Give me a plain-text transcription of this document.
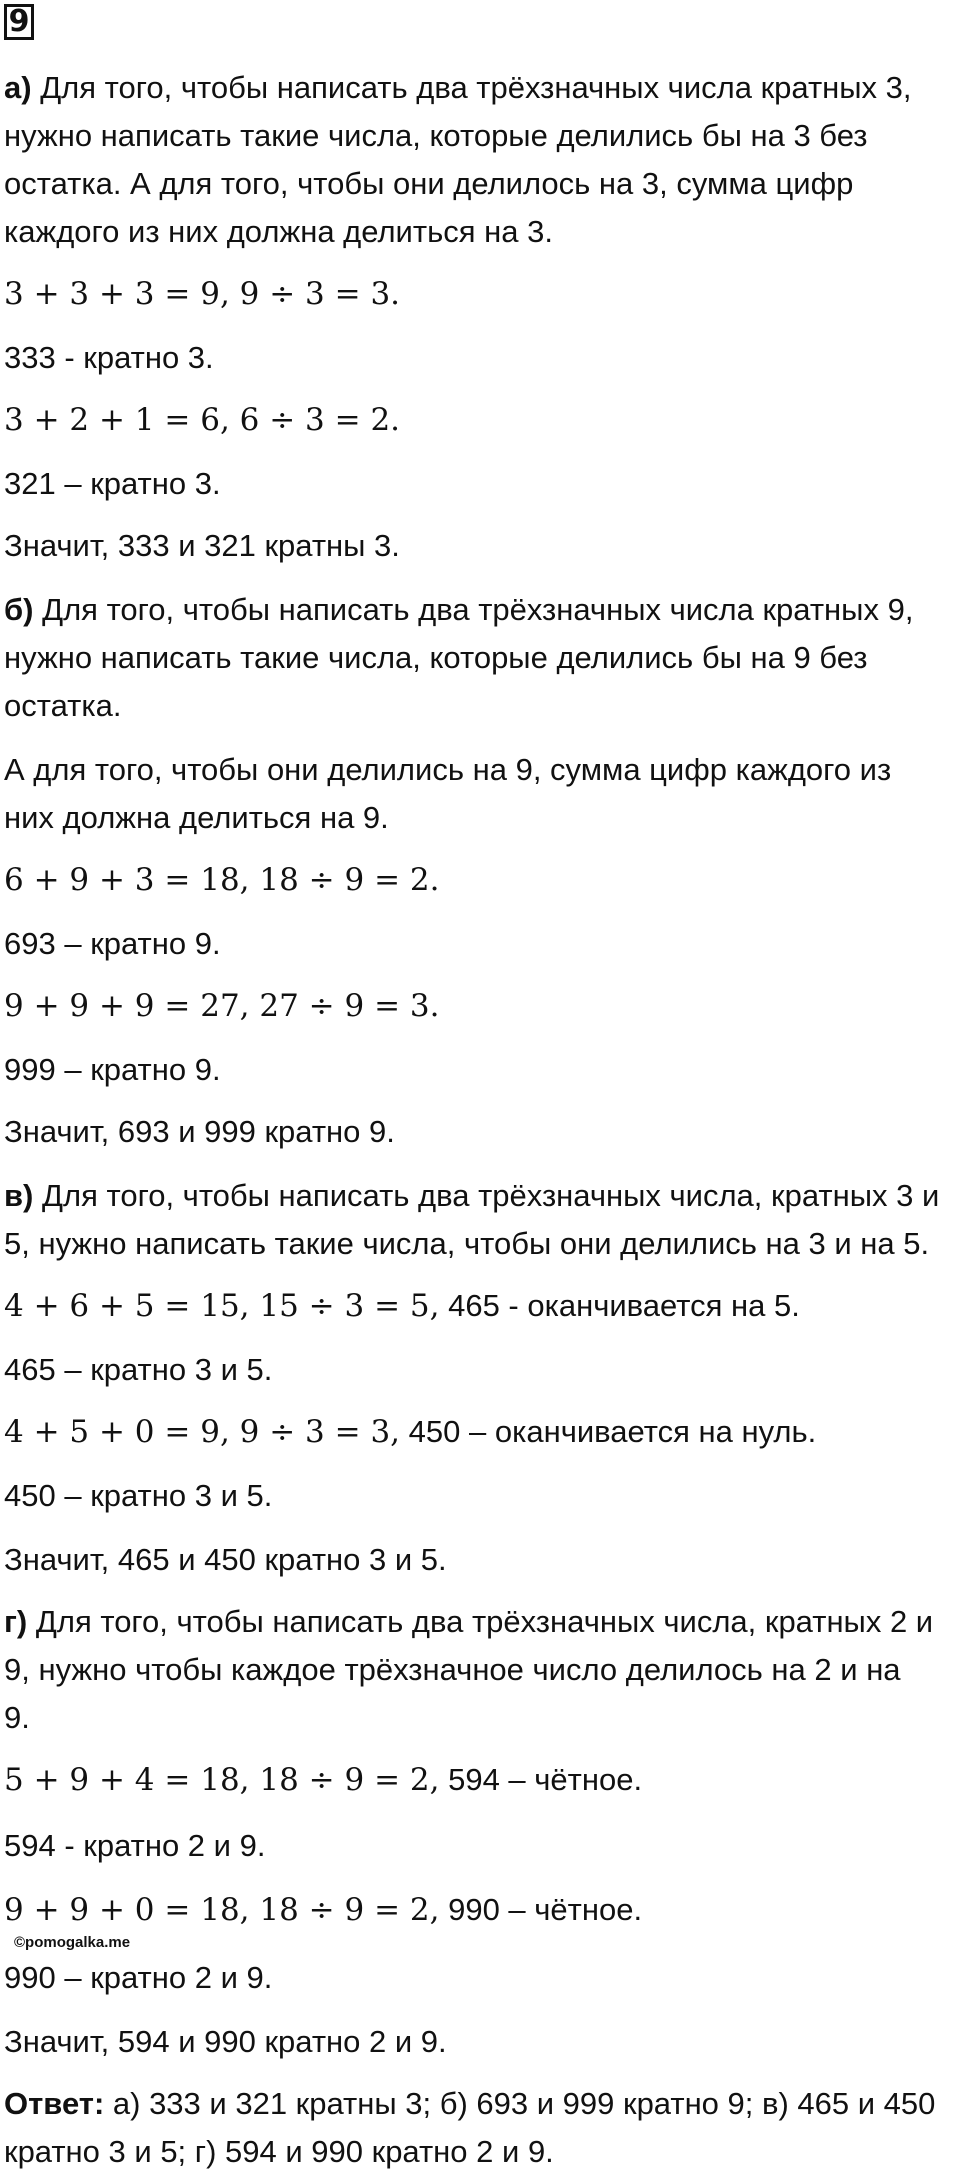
9

а) Для того, чтобы написать два трёхзначных числа кратных 3,

нужно написать такие числа, которые делились бы на 3 без

остатка. А для того, чтобы они делилось на 3, сумма цифр

каждого из них должна делиться на 3.

3 + 3 + 3 = 9, 9 ÷ 3 = 3.

333 - кратно 3.

3 + 2 + 1 = 6, 6 ÷ 3 = 2.

321 – кратно 3.

Значит, 333 и 321 кратны 3.

б) Для того, чтобы написать два трёхзначных числа кратных 9,

нужно написать такие числа, которые делились бы на 9 без

остатка.

А для того, чтобы они делились на 9, сумма цифр каждого из

них должна делиться на 9.

6 + 9 + 3 = 18, 18 ÷ 9 = 2.

693 – кратно 9.

9 + 9 + 9 = 27, 27 ÷ 9 = 3.

999 – кратно 9.

Значит, 693 и 999 кратно 9.

в) Для того, чтобы написать два трёхзначных числа, кратных 3 и

5, нужно написать такие числа, чтобы они делились на 3 и на 5.

4 + 6 + 5 = 15, 15 ÷ 3 = 5, 465 - оканчивается на 5.

465 – кратно 3 и 5.

4 + 5 + 0 = 9, 9 ÷ 3 = 3, 450 – оканчивается на нуль.

450 – кратно 3 и 5.

Значит, 465 и 450 кратно 3 и 5.

г) Для того, чтобы написать два трёхзначных числа, кратных 2 и

9, нужно чтобы каждое трёхзначное число делилось на 2 и на

9.

5 + 9 + 4 = 18, 18 ÷ 9 = 2, 594 – чётное.

594 - кратно 2 и 9.

9 + 9 + 0 = 18, 18 ÷ 9 = 2, 990 – чётное.

©pomogalka.me

990 – кратно 2 и 9.

Значит, 594 и 990 кратно 2 и 9.

Ответ: а) 333 и 321 кратны 3; б) 693 и 999 кратно 9; в) 465 и 450

кратно 3 и 5; г) 594 и 990 кратно 2 и 9.
